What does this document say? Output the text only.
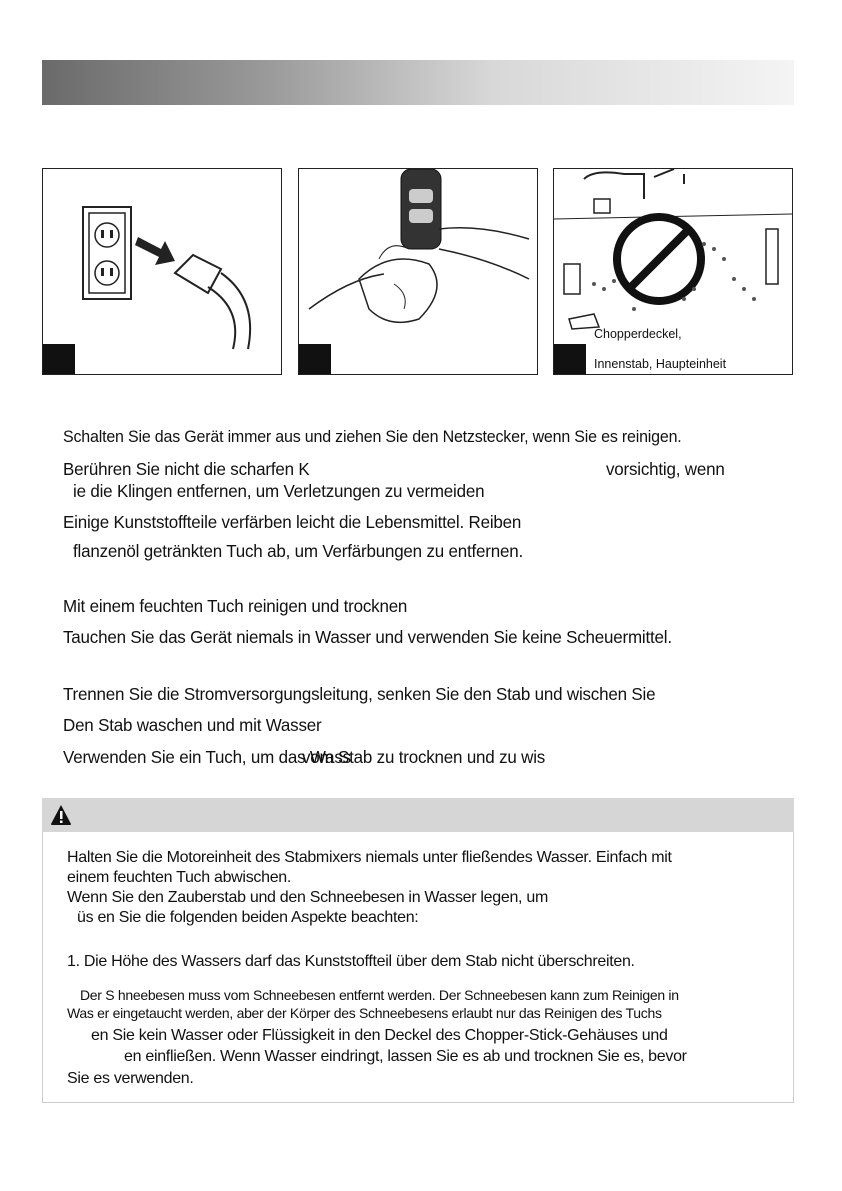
Chopperdeckel,
Innenstab, Haupteinheit
Schalten Sie das Gerät immer aus und ziehen Sie den Netzstecker, wenn Sie es reinigen.
Berühren Sie nicht die scharfen K	vorsichtig, wenn
ie die Klingen entfernen, um Verletzungen zu vermeiden
Einige Kunststoffteile verfärben leicht die Lebensmittel. Reiben
flanzenöl getränkten Tuch ab, um Verfärbungen zu entfernen.
Mit einem feuchten Tuch reinigen und trocknen
Tauchen Sie das Gerät niemals in Wasser und verwenden Sie keine Scheuermittel.
Trennen Sie die Stromversorgungsleitung, senken Sie den Stab und wischen Sie
Den Stab waschen und mit Wasser
Verwenden Sie ein Tuch, um das Wass
vom Stab zu trocknen und zu wis
Halten Sie die Motoreinheit des Stabmixers niemals unter fließendes Wasser. Einfach mit
einem feuchten Tuch abwischen.
Wenn Sie den Zauberstab und den Schneebesen in Wasser legen, um
üs en Sie die folgenden beiden Aspekte beachten:
1. Die Höhe des Wassers darf das Kunststoffteil über dem Stab nicht überschreiten.
Der S hneebesen muss vom Schneebesen entfernt werden. Der Schneebesen kann zum Reinigen in
Was er eingetaucht werden, aber der Körper des Schneebesens erlaubt nur das Reinigen des Tuchs
en Sie kein Wasser oder Flüssigkeit in den Deckel des Chopper-Stick-Gehäuses und
en einfließen. Wenn Wasser eindringt, lassen Sie es ab und trocknen Sie es, bevor
Sie es verwenden.
